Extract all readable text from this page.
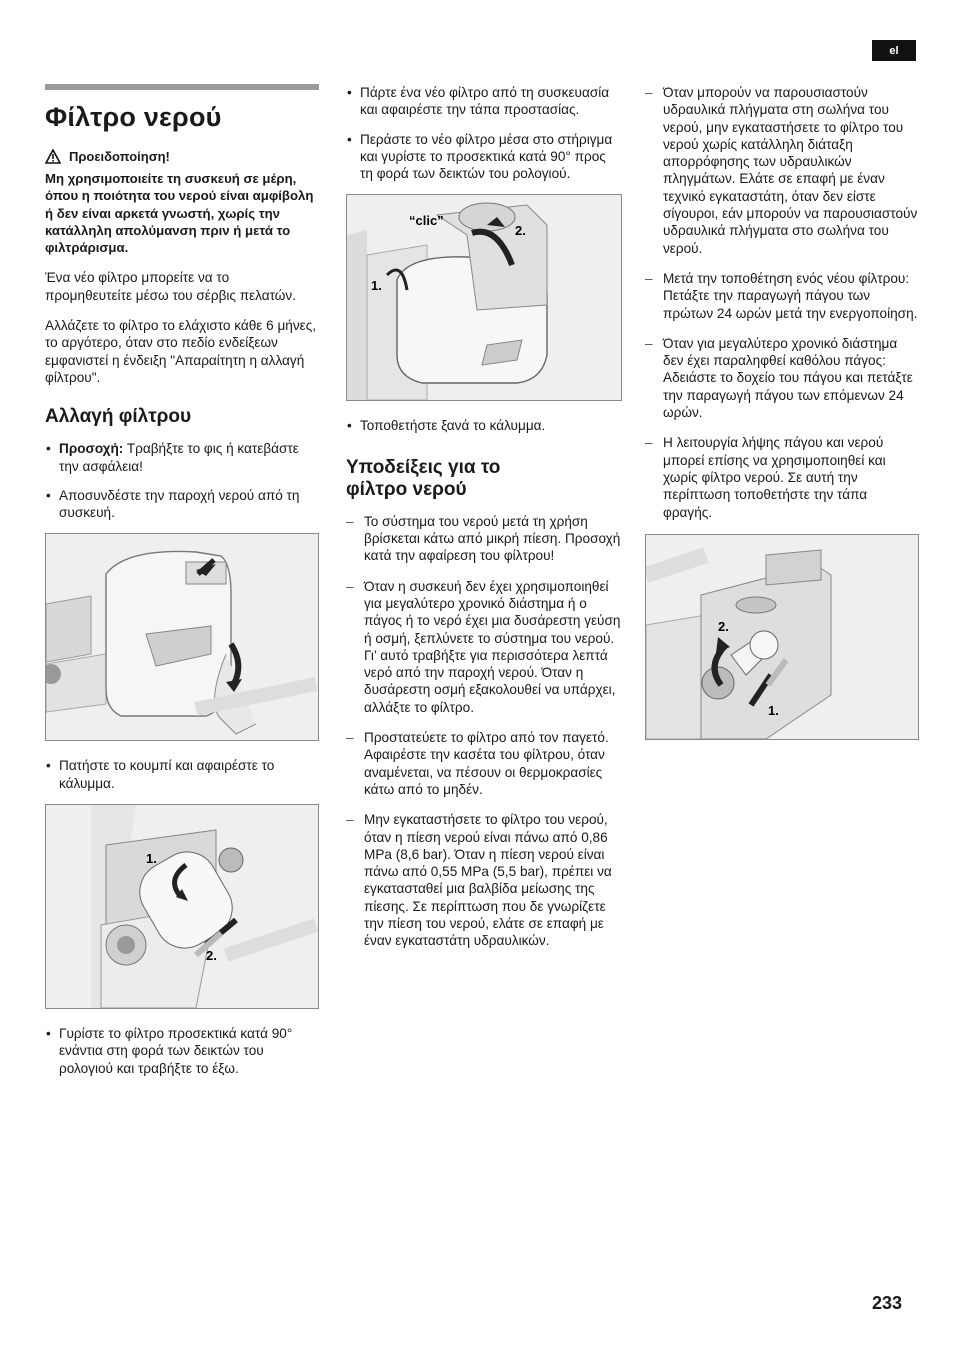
el
Φίλτρο νερού
Προειδοποίηση!
Μη χρησιμοποιείτε τη συσκευή σε μέρη, όπου η ποιότητα του νερού είναι αμφίβολη ή δεν είναι αρκετά γνωστή, χωρίς την κατάλληλη απολύμανση πριν ή μετά το φιλτράρισμα.

Ένα νέο φίλτρο μπορείτε να το προμηθευτείτε μέσω του σέρβις πελατών.

Αλλάζετε το φίλτρο το ελάχιστο κάθε 6 μήνες, το αργότερο, όταν στο πεδίο ενδείξεων εμφανιστεί η ένδειξη "Απαραίτητη η αλλαγή φίλτρου".

Αλλαγή φίλτρου
• Προσοχή: Τραβήξτε το φις ή κατεβάστε την ασφάλεια!
• Αποσυνδέστε την παροχή νερού από τη συσκευή.
• Πατήστε το κουμπί και αφαιρέστε το κάλυμμα.
1.
2.
• Γυρίστε το φίλτρο προσεκτικά κατά 90° ενάντια στη φορά των δεικτών του ρολογιού και τραβήξτε το έξω.
• Πάρτε ένα νέο φίλτρο από τη συσκευασία και αφαιρέστε την τάπα προστασίας.
• Περάστε το νέο φίλτρο μέσα στο στήριγμα και γυρίστε το προσεκτικά κατά 90° προς τη φορά των δεικτών του ρολογιού.
“clic”
1.
2.
• Τοποθετήστε ξανά το κάλυμμα.
Υποδείξεις για το φίλτρο νερού
– Το σύστημα του νερού μετά τη χρήση βρίσκεται κάτω από μικρή πίεση. Προσοχή κατά την αφαίρεση του φίλτρου!
– Όταν η συσκευή δεν έχει χρησιμοποιηθεί για μεγαλύτερο χρονικό διάστημα ή ο πάγος ή το νερό έχει μια δυσάρεστη γεύση ή οσμή, ξεπλύνετε το σύστημα του νερού. Γι’ αυτό τραβήξτε για περισσότερα λεπτά νερό από την παροχή νερού. Όταν η δυσάρεστη οσμή εξακολουθεί να υπάρχει, αλλάξτε το φίλτρο.
– Προστατεύετε το φίλτρο από τον παγετό. Αφαιρέστε την κασέτα του φίλτρου, όταν αναμένεται, να πέσουν οι θερμοκρασίες κάτω από το μηδέν.
– Μην εγκαταστήσετε το φίλτρο του νερού, όταν η πίεση νερού είναι πάνω από 0,86 MPa (8,6 bar). Όταν η πίεση νερού είναι πάνω από 0,55 MPa (5,5 bar), πρέπει να εγκατασταθεί μια βαλβίδα μείωσης της πίεσης. Σε περίπτωση που δε γνωρίζετε την πίεση του νερού, ελάτε σε επαφή με έναν εγκαταστάτη υδραυλικών.
– Όταν μπορούν να παρουσιαστούν υδραυλικά πλήγματα στη σωλήνα του νερού, μην εγκαταστήσετε το φίλτρο του νερού χωρίς κατάλληλη διάταξη απορρόφησης των υδραυλικών πληγμάτων. Ελάτε σε επαφή με έναν τεχνικό εγκαταστάτη, όταν δεν είστε σίγουροι, εάν μπορούν να παρουσιαστούν υδραυλικά πλήγματα στο σωλήνα του νερού.
– Μετά την τοποθέτηση ενός νέου φίλτρου: Πετάξτε την παραγωγή πάγου των πρώτων 24 ωρών μετά την ενεργοποίηση.
– Όταν για μεγαλύτερο χρονικό διάστημα δεν έχει παραληφθεί καθόλου πάγος: Αδειάστε το δοχείο του πάγου και πετάξτε την παραγωγή πάγου των επόμενων 24 ωρών.
– Η λειτουργία λήψης πάγου και νερού μπορεί επίσης να χρησιμοποιηθεί και χωρίς φίλτρο νερού. Σε αυτή την περίπτωση τοποθετήστε την τάπα φραγής.
2.
1.
233
